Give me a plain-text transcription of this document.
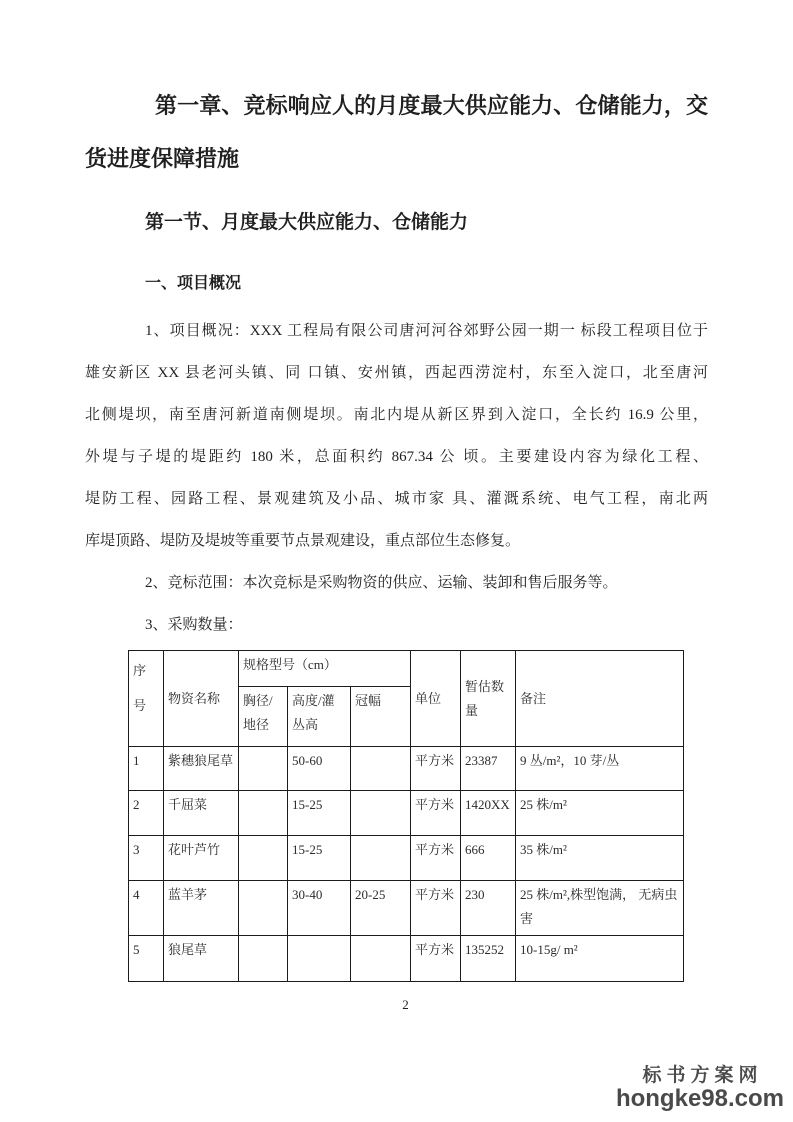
第一章、竞标响应人的月度最大供应能力、仓储能力，交
货进度保障措施
第一节、月度最大供应能力、仓储能力
一、项目概况
1、项目概况：XXX 工程局有限公司唐河河谷郊野公园一期一 标段工程项目位于
雄安新区 XX 县老河头镇、同 口镇、安州镇，西起西涝淀村，东至入淀口，北至唐河
北侧堤坝，南至唐河新道南侧堤坝。南北内堤从新区界到入淀口，全长约 16.9 公里，
外堤与子堤的堤距约 180 米，总面积约 867.34 公 顷。主要建设内容为绿化工程、
堤防工程、园路工程、景观建筑及小品、城市家 具、灌溉系统、电气工程，南北两
库堤顶路、堤防及堤坡等重要节点景观建设，重点部位生态修复。
2、竞标范围：本次竞标是采购物资的供应、运输、装卸和售后服务等。
3、采购数量：
序号	物资名称	规格型号（cm）			单位	暂估数量	备注
		胸径/地径	高度/灌丛高	冠幅			
1	紫穗狼尾草		50-60		平方米	23387	9 丛/m²，10 芽/丛
2	千屈菜		15-25		平方米	1420XX	25 株/m²
3	花叶芦竹		15-25		平方米	666	35 株/m²
4	蓝羊茅		30-40	20-25	平方米	230	25 株/m²,株型饱满， 无病虫害
5	狼尾草				平方米	135252	10-15g/ m²
2
标书方案网
hongke98.com
